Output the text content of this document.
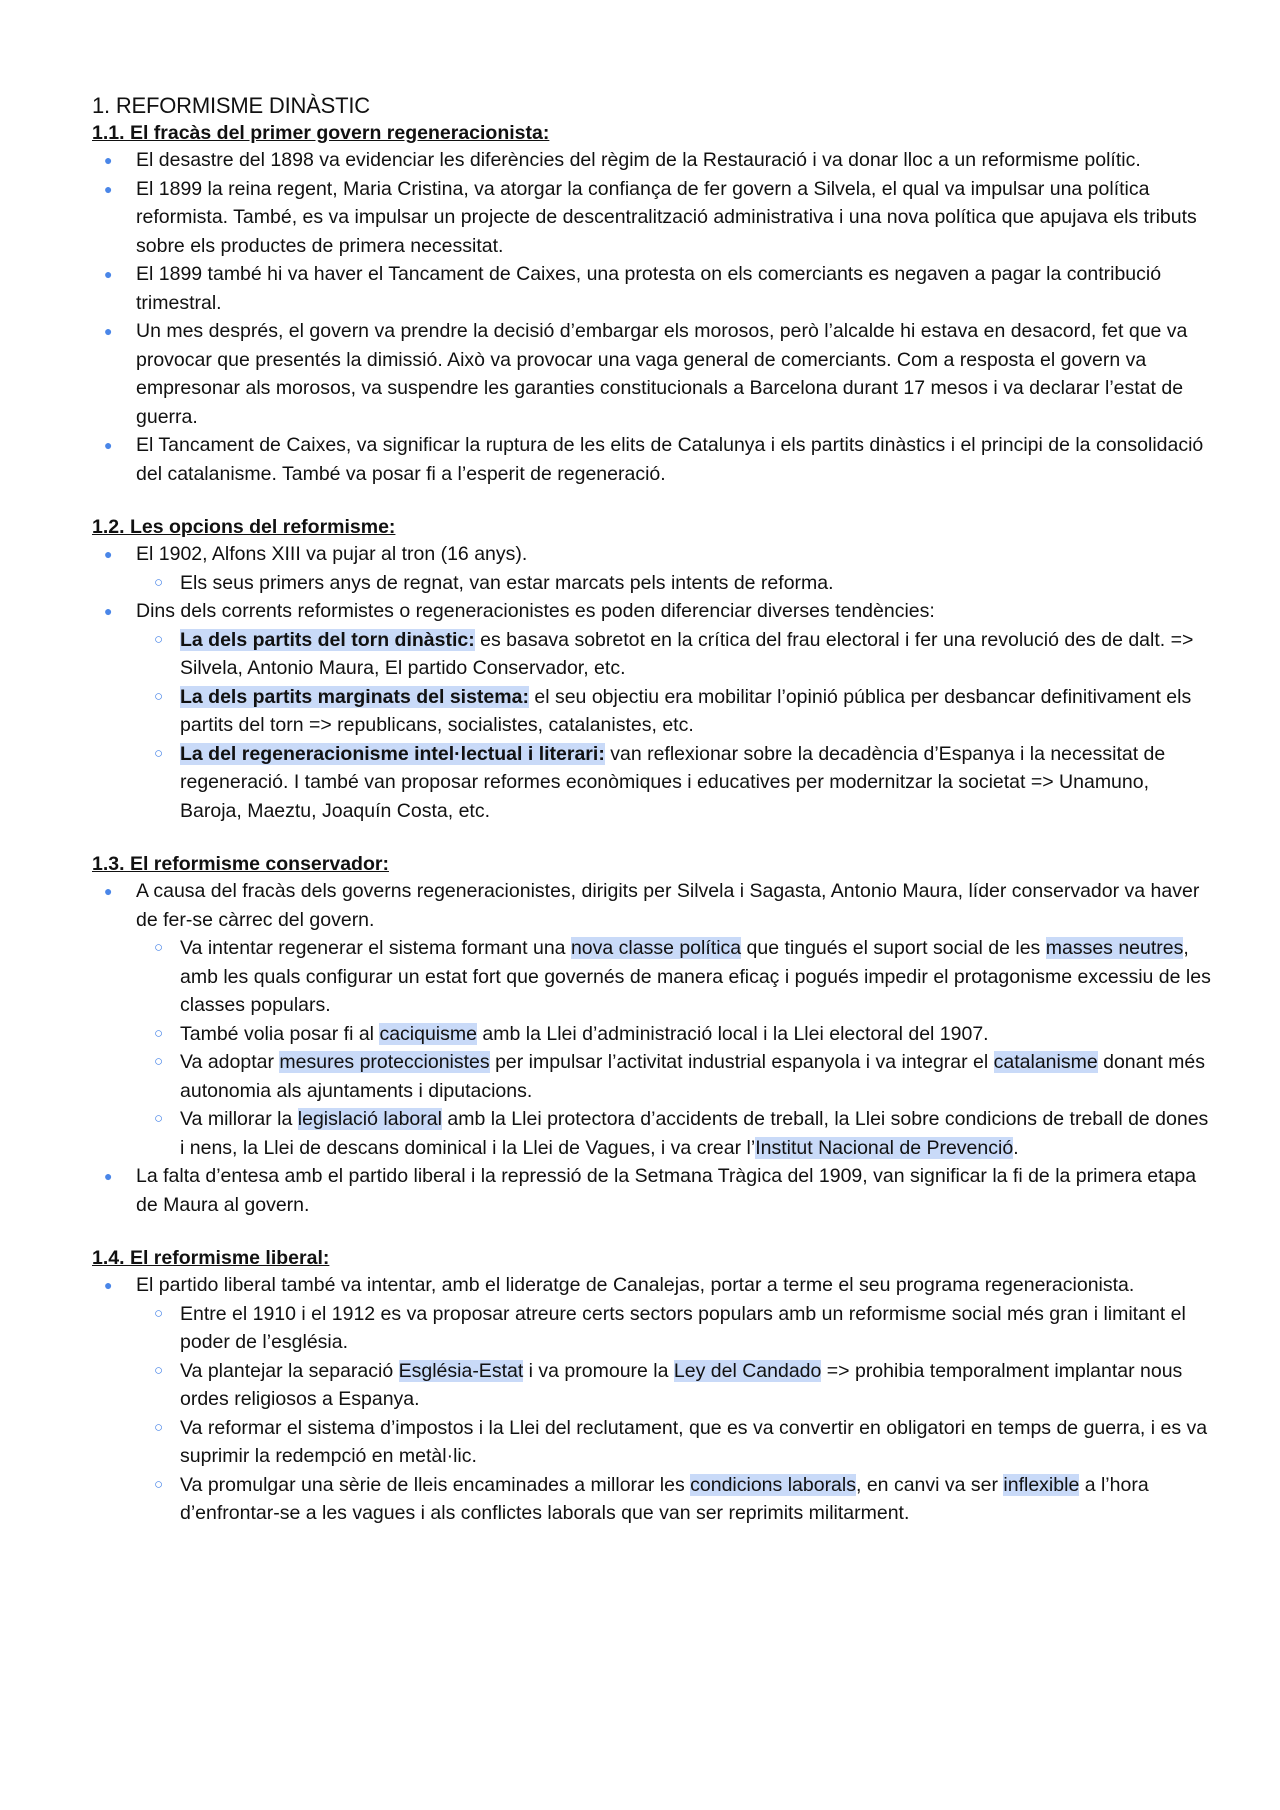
1. REFORMISME DINÀSTIC
1.1. El fracàs del primer govern regeneracionista:
● El desastre del 1898 va evidenciar les diferències del règim de la Restauració i va donar lloc a un reformisme polític.
● El 1899 la reina regent, Maria Cristina, va atorgar la confiança de fer govern a Silvela, el qual va impulsar una política reformista. També, es va impulsar un projecte de descentralització administrativa i una nova política que apujava els tributs sobre els productes de primera necessitat.
● El 1899 també hi va haver el Tancament de Caixes, una protesta on els comerciants es negaven a pagar la contribució trimestral.
● Un mes després, el govern va prendre la decisió d’embargar els morosos, però l’alcalde hi estava en desacord, fet que va provocar que presentés la dimissió. Això va provocar una vaga general de comerciants. Com a resposta el govern va empresonar als morosos, va suspendre les garanties constitucionals a Barcelona durant 17 mesos i va declarar l’estat de guerra.
● El Tancament de Caixes, va significar la ruptura de les elits de Catalunya i els partits dinàstics i el principi de la consolidació del catalanisme. També va posar fi a l’esperit de regeneració.
1.2. Les opcions del reformisme:
● El 1902, Alfons XIII va pujar al tron (16 anys).
○ Els seus primers anys de regnat, van estar marcats pels intents de reforma.
● Dins dels corrents reformistes o regeneracionistes es poden diferenciar diverses tendències:
○ La dels partits del torn dinàstic: es basava sobretot en la crítica del frau electoral i fer una revolució des de dalt. => Silvela, Antonio Maura, El partido Conservador, etc.
○ La dels partits marginats del sistema: el seu objectiu era mobilitar l’opinió pública per desbancar definitivament els partits del torn => republicans, socialistes, catalanistes, etc.
○ La del regeneracionisme intel·lectual i literari: van reflexionar sobre la decadència d’Espanya i la necessitat de regeneració. I també van proposar reformes econòmiques i educatives per modernitzar la societat => Unamuno, Baroja, Maeztu, Joaquín Costa, etc.
1.3. El reformisme conservador:
● A causa del fracàs dels governs regeneracionistes, dirigits per Silvela i Sagasta, Antonio Maura, líder conservador va haver de fer-se càrrec del govern.
○ Va intentar regenerar el sistema formant una nova classe política que tingués el suport social de les masses neutres, amb les quals configurar un estat fort que governés de manera eficaç i pogués impedir el protagonisme excessiu de les classes populars.
○ També volia posar fi al caciquisme amb la Llei d’administració local i la Llei electoral del 1907.
○ Va adoptar mesures proteccionistes per impulsar l’activitat industrial espanyola i va integrar el catalanisme donant més autonomia als ajuntaments i diputacions.
○ Va millorar la legislació laboral amb la Llei protectora d’accidents de treball, la Llei sobre condicions de treball de dones i nens, la Llei de descans dominical i la Llei de Vagues, i va crear l’Institut Nacional de Prevenció.
● La falta d’entesa amb el partido liberal i la repressió de la Setmana Tràgica del 1909, van significar la fi de la primera etapa de Maura al govern.
1.4. El reformisme liberal:
● El partido liberal també va intentar, amb el lideratge de Canalejas, portar a terme el seu programa regeneracionista.
○ Entre el 1910 i el 1912 es va proposar atreure certs sectors populars amb un reformisme social més gran i limitant el poder de l’església.
○ Va plantejar la separació Església-Estat i va promoure la Ley del Candado => prohibia temporalment implantar nous ordes religiosos a Espanya.
○ Va reformar el sistema d’impostos i la Llei del reclutament, que es va convertir en obligatori en temps de guerra, i es va suprimir la redempció en metàl·lic.
○ Va promulgar una sèrie de lleis encaminades a millorar les condicions laborals, en canvi va ser inflexible a l’hora d’enfrontar-se a les vagues i als conflictes laborals que van ser reprimits militarment.
